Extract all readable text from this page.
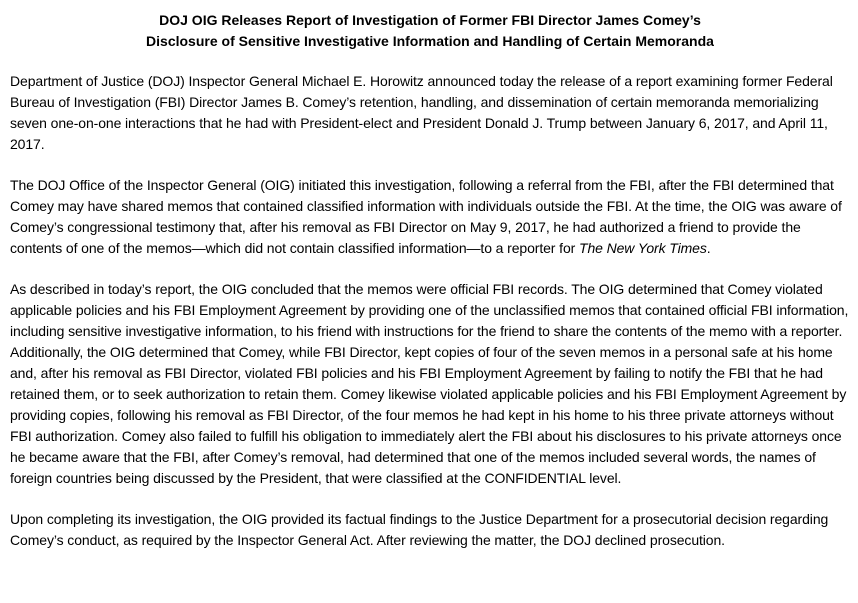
DOJ OIG Releases Report of Investigation of Former FBI Director James Comey’s
Disclosure of Sensitive Investigative Information and Handling of Certain Memoranda

Department of Justice (DOJ) Inspector General Michael E. Horowitz announced today the release of a report examining former Federal Bureau of Investigation (FBI) Director James B. Comey’s retention, handling, and dissemination of certain memoranda memorializing seven one-on-one interactions that he had with President-elect and President Donald J. Trump between January 6, 2017, and April 11, 2017.

The DOJ Office of the Inspector General (OIG) initiated this investigation, following a referral from the FBI, after the FBI determined that Comey may have shared memos that contained classified information with individuals outside the FBI. At the time, the OIG was aware of Comey’s congressional testimony that, after his removal as FBI Director on May 9, 2017, he had authorized a friend to provide the contents of one of the memos—which did not contain classified information—to a reporter for The New York Times.

As described in today’s report, the OIG concluded that the memos were official FBI records. The OIG determined that Comey violated applicable policies and his FBI Employment Agreement by providing one of the unclassified memos that contained official FBI information, including sensitive investigative information, to his friend with instructions for the friend to share the contents of the memo with a reporter. Additionally, the OIG determined that Comey, while FBI Director, kept copies of four of the seven memos in a personal safe at his home and, after his removal as FBI Director, violated FBI policies and his FBI Employment Agreement by failing to notify the FBI that he had retained them, or to seek authorization to retain them. Comey likewise violated applicable policies and his FBI Employment Agreement by providing copies, following his removal as FBI Director, of the four memos he had kept in his home to his three private attorneys without FBI authorization. Comey also failed to fulfill his obligation to immediately alert the FBI about his disclosures to his private attorneys once he became aware that the FBI, after Comey’s removal, had determined that one of the memos included several words, the names of foreign countries being discussed by the President, that were classified at the CONFIDENTIAL level.

Upon completing its investigation, the OIG provided its factual findings to the Justice Department for a prosecutorial decision regarding Comey’s conduct, as required by the Inspector General Act. After reviewing the matter, the DOJ declined prosecution.
